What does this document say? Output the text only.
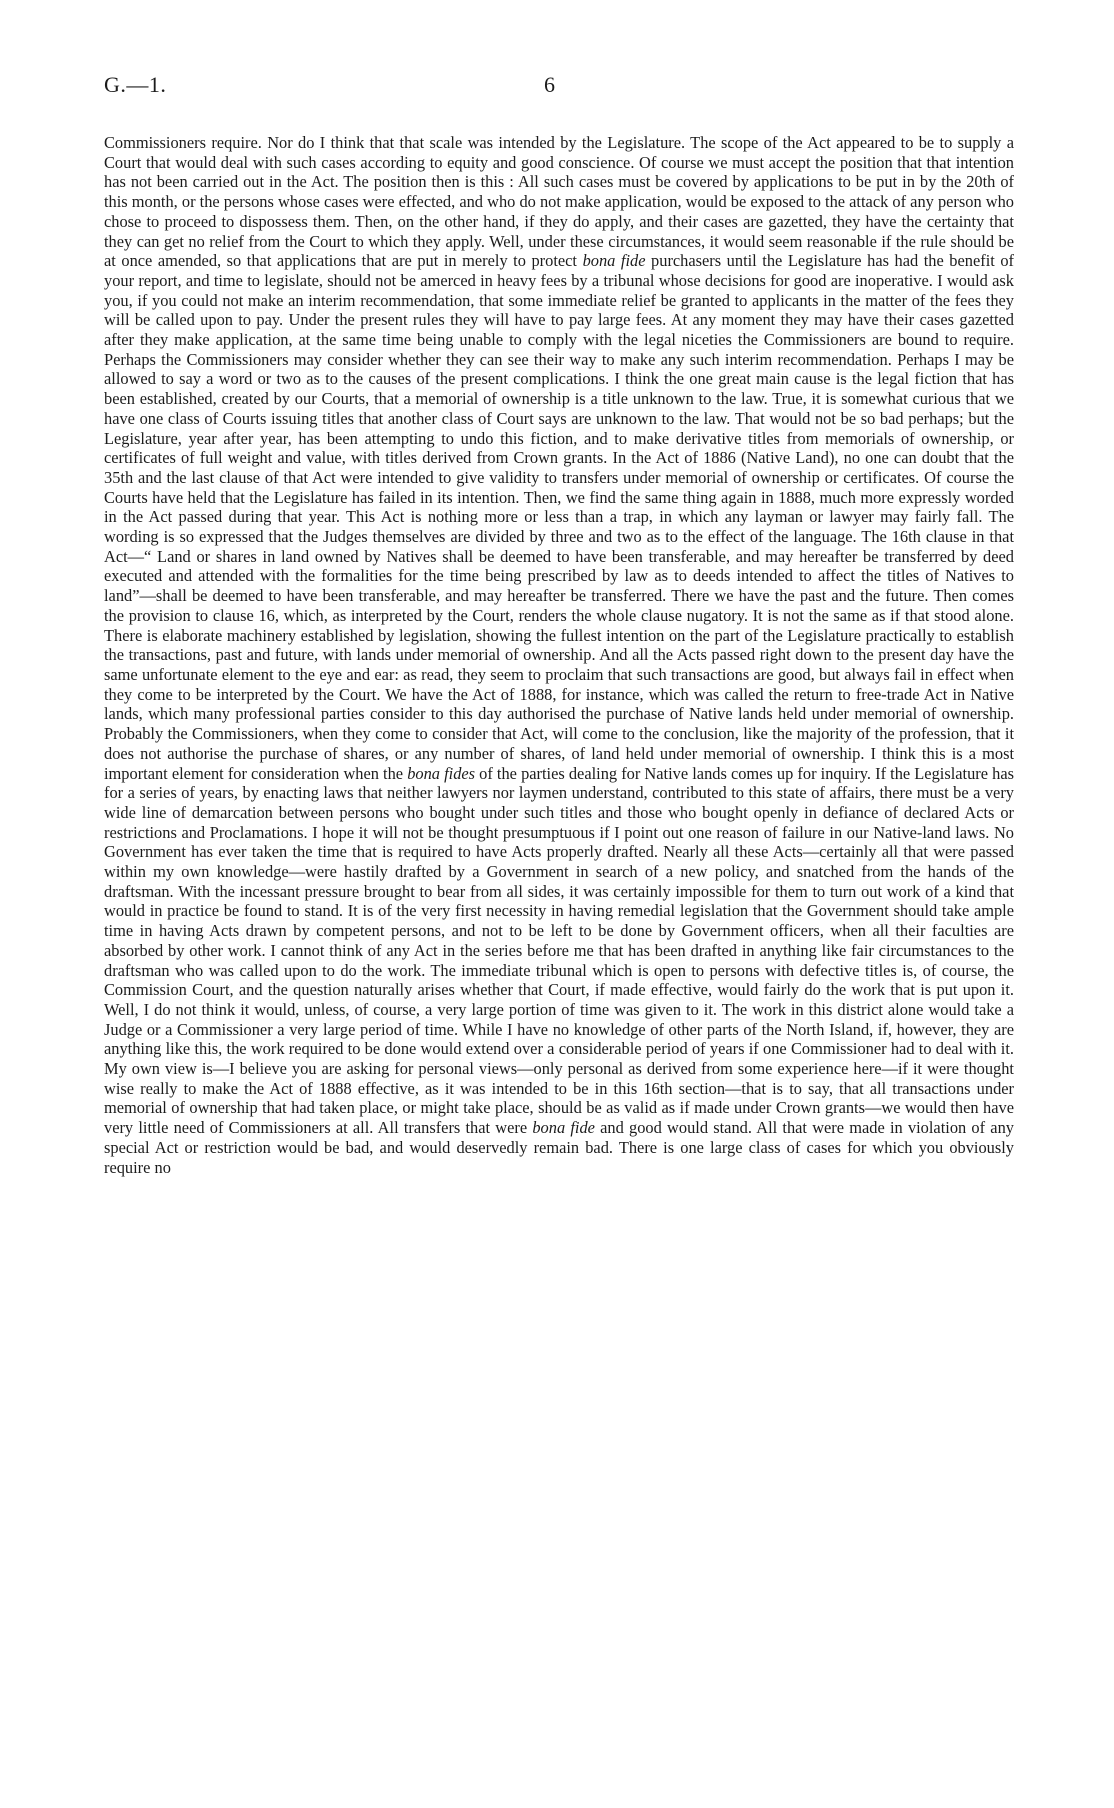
G.—1.	6

Commissioners require. Nor do I think that that scale was intended by the Legislature. The scope of the Act appeared to be to supply a Court that would deal with such cases according to equity and good conscience. Of course we must accept the position that that intention has not been carried out in the Act. The position then is this : All such cases must be covered by applications to be put in by the 20th of this month, or the persons whose cases were effected, and who do not make application, would be exposed to the attack of any person who chose to proceed to dispossess them. Then, on the other hand, if they do apply, and their cases are gazetted, they have the certainty that they can get no relief from the Court to which they apply. Well, under these circumstances, it would seem reasonable if the rule should be at once amended, so that applications that are put in merely to protect bona fide purchasers until the Legislature has had the benefit of your report, and time to legislate, should not be amerced in heavy fees by a tribunal whose decisions for good are inoperative. I would ask you, if you could not make an interim recommendation, that some immediate relief be granted to applicants in the matter of the fees they will be called upon to pay. Under the present rules they will have to pay large fees. At any moment they may have their cases gazetted after they make application, at the same time being unable to comply with the legal niceties the Commissioners are bound to require. Perhaps the Commissioners may consider whether they can see their way to make any such interim recommendation. Perhaps I may be allowed to say a word or two as to the causes of the present complications. I think the one great main cause is the legal fiction that has been established, created by our Courts, that a memorial of ownership is a title unknown to the law. True, it is somewhat curious that we have one class of Courts issuing titles that another class of Court says are unknown to the law. That would not be so bad perhaps; but the Legislature, year after year, has been attempting to undo this fiction, and to make derivative titles from memorials of ownership, or certificates of full weight and value, with titles derived from Crown grants. In the Act of 1886 (Native Land), no one can doubt that the 35th and the last clause of that Act were intended to give validity to transfers under memorial of ownership or certificates. Of course the Courts have held that the Legislature has failed in its intention. Then, we find the same thing again in 1888, much more expressly worded in the Act passed during that year. This Act is nothing more or less than a trap, in which any layman or lawyer may fairly fall. The wording is so expressed that the Judges themselves are divided by three and two as to the effect of the language. The 16th clause in that Act—“ Land or shares in land owned by Natives shall be deemed to have been transferable, and may hereafter be transferred by deed executed and attended with the formalities for the time being prescribed by law as to deeds intended to affect the titles of Natives to land”—shall be deemed to have been transferable, and may hereafter be transferred. There we have the past and the future. Then comes the provision to clause 16, which, as interpreted by the Court, renders the whole clause nugatory. It is not the same as if that stood alone. There is elaborate machinery established by legislation, showing the fullest intention on the part of the Legislature practically to establish the transactions, past and future, with lands under memorial of ownership. And all the Acts passed right down to the present day have the same unfortunate element to the eye and ear: as read, they seem to proclaim that such transactions are good, but always fail in effect when they come to be interpreted by the Court. We have the Act of 1888, for instance, which was called the return to free-trade Act in Native lands, which many professional parties consider to this day authorised the purchase of Native lands held under memorial of ownership. Probably the Commissioners, when they come to consider that Act, will come to the conclusion, like the majority of the profession, that it does not authorise the purchase of shares, or any number of shares, of land held under memorial of ownership. I think this is a most important element for consideration when the bona fides of the parties dealing for Native lands comes up for inquiry. If the Legislature has for a series of years, by enacting laws that neither lawyers nor laymen understand, contributed to this state of affairs, there must be a very wide line of demarcation between persons who bought under such titles and those who bought openly in defiance of declared Acts or restrictions and Proclamations. I hope it will not be thought presumptuous if I point out one reason of failure in our Native-land laws. No Government has ever taken the time that is required to have Acts properly drafted. Nearly all these Acts—certainly all that were passed within my own knowledge—were hastily drafted by a Government in search of a new policy, and snatched from the hands of the draftsman. With the incessant pressure brought to bear from all sides, it was certainly impossible for them to turn out work of a kind that would in practice be found to stand. It is of the very first necessity in having remedial legislation that the Government should take ample time in having Acts drawn by competent persons, and not to be left to be done by Government officers, when all their faculties are absorbed by other work. I cannot think of any Act in the series before me that has been drafted in anything like fair circumstances to the draftsman who was called upon to do the work. The immediate tribunal which is open to persons with defective titles is, of course, the Commission Court, and the question naturally arises whether that Court, if made effective, would fairly do the work that is put upon it. Well, I do not think it would, unless, of course, a very large portion of time was given to it. The work in this district alone would take a Judge or a Commissioner a very large period of time. While I have no knowledge of other parts of the North Island, if, however, they are anything like this, the work required to be done would extend over a considerable period of years if one Commissioner had to deal with it. My own view is—I believe you are asking for personal views—only personal as derived from some experience here—if it were thought wise really to make the Act of 1888 effective, as it was intended to be in this 16th section—that is to say, that all transactions under memorial of ownership that had taken place, or might take place, should be as valid as if made under Crown grants—we would then have very little need of Commissioners at all. All transfers that were bona fide and good would stand. All that were made in violation of any special Act or restriction would be bad, and would deservedly remain bad. There is one large class of cases for which you obviously require no
